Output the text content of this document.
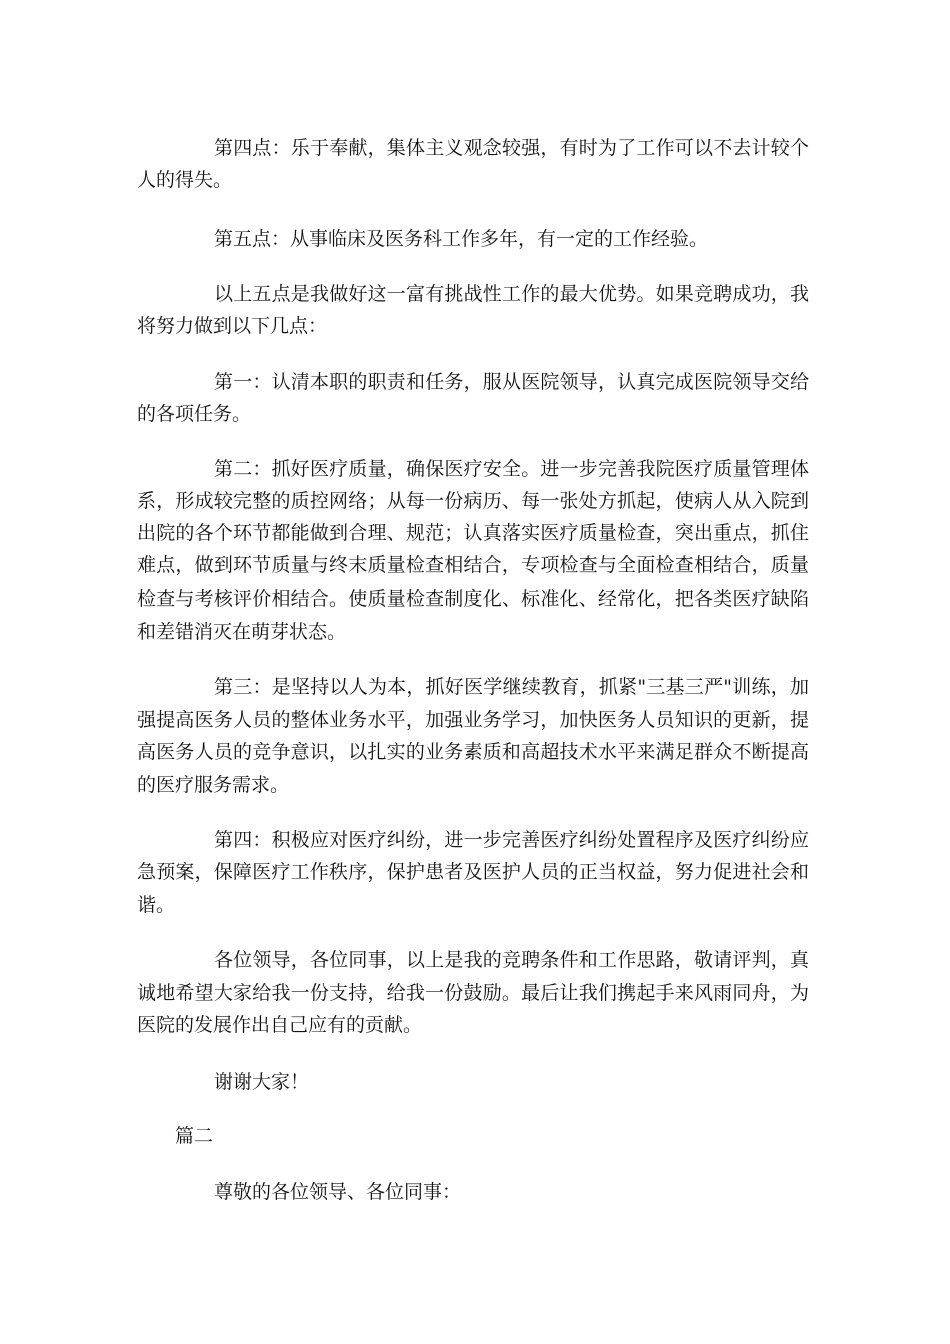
第四点：乐于奉献，集体主义观念较强，有时为了工作可以不去计较个
人的得失。
第五点：从事临床及医务科工作多年，有一定的工作经验。
以上五点是我做好这一富有挑战性工作的最大优势。如果竞聘成功，我
将努力做到以下几点：
第一：认清本职的职责和任务，服从医院领导，认真完成医院领导交给
的各项任务。
第二：抓好医疗质量，确保医疗安全。进一步完善我院医疗质量管理体
系，形成较完整的质控网络；从每一份病历、每一张处方抓起，使病人从入院到
出院的各个环节都能做到合理、规范；认真落实医疗质量检查，突出重点，抓住
难点，做到环节质量与终末质量检查相结合，专项检查与全面检查相结合，质量
检查与考核评价相结合。使质量检查制度化、标准化、经常化，把各类医疗缺陷
和差错消灭在萌芽状态。
第三：是坚持以人为本，抓好医学继续教育，抓紧"三基三严"训练，加
强提高医务人员的整体业务水平，加强业务学习，加快医务人员知识的更新，提
高医务人员的竞争意识，以扎实的业务素质和高超技术水平来满足群众不断提高
的医疗服务需求。
第四：积极应对医疗纠纷，进一步完善医疗纠纷处置程序及医疗纠纷应
急预案，保障医疗工作秩序，保护患者及医护人员的正当权益，努力促进社会和
谐。
各位领导，各位同事，以上是我的竞聘条件和工作思路，敬请评判，真
诚地希望大家给我一份支持，给我一份鼓励。最后让我们携起手来风雨同舟，为
医院的发展作出自己应有的贡献。
谢谢大家！
篇二
尊敬的各位领导、各位同事：
